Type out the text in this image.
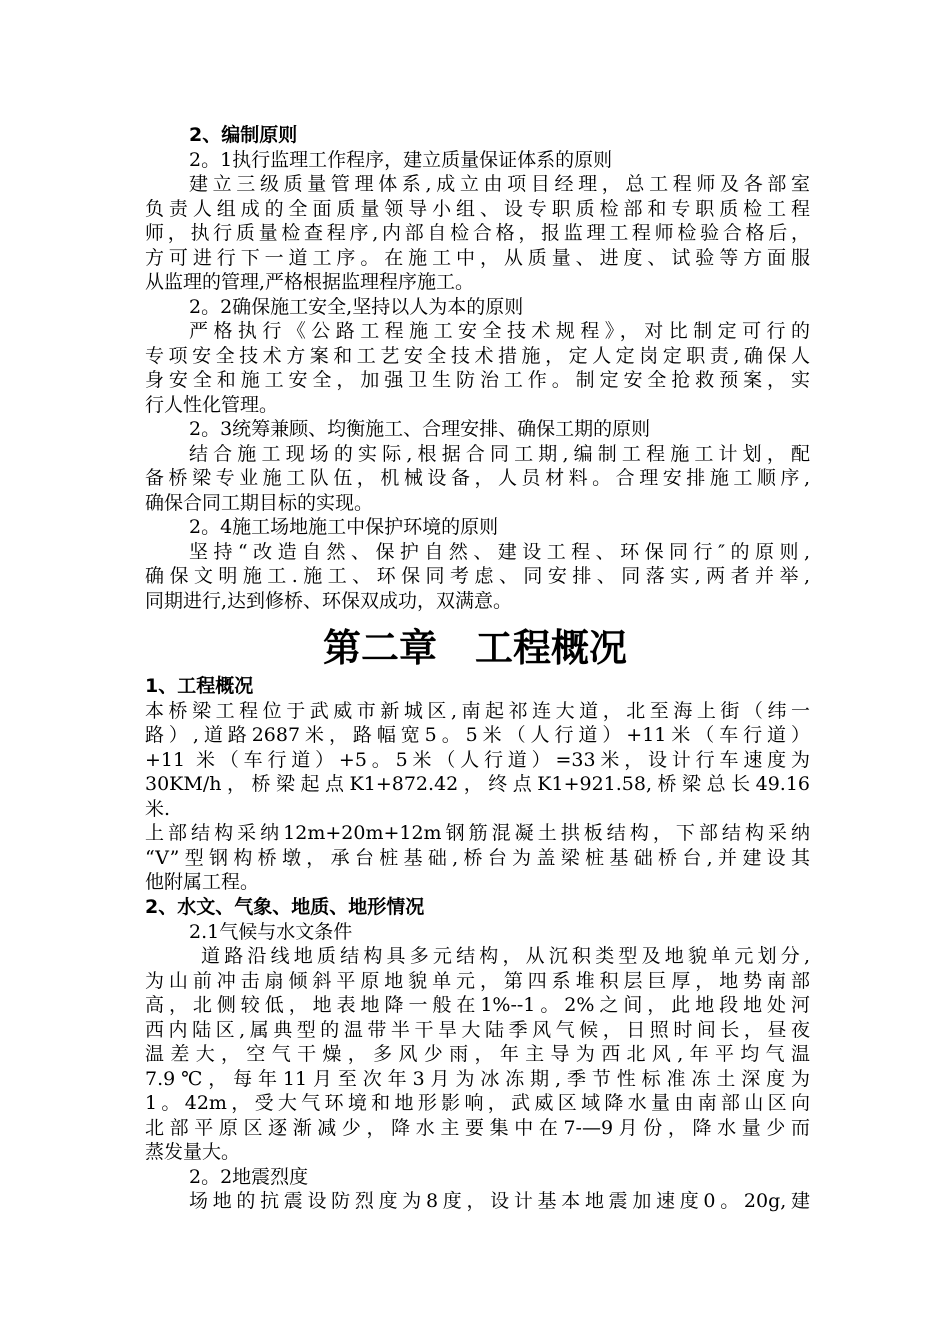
2、编制原则
2。1执行监理工作程序，建立质量保证体系的原则
建立三级质量管理体系,成立由项目经理，总工程师及各部室
负责人组成的全面质量领导小组、设专职质检部和专职质检工程
师，执行质量检查程序,内部自检合格，报监理工程师检验合格后，
方可进行下一道工序。在施工中，从质量、进度、试验等方面服
从监理的管理,严格根据监理程序施工。
2。2确保施工安全,坚持以人为本的原则
严格执行《公路工程施工安全技术规程》，对比制定可行的
专项安全技术方案和工艺安全技术措施，定人定岗定职责,确保人
身安全和施工安全，加强卫生防治工作。制定安全抢救预案，实
行人性化管理。
2。3统筹兼顾、均衡施工、合理安排、确保工期的原则
结合施工现场的实际,根据合同工期,编制工程施工计划，配
备桥梁专业施工队伍，机械设备，人员材料。合理安排施工顺序,
确保合同工期目标的实现。
2。4施工场地施工中保护环境的原则
坚持“改造自然、保护自然、建设工程、环保同行″的原则,
确保文明施工.施工、环保同考虑、同安排、同落实,两者并举,
同期进行,达到修桥、环保双成功，双满意。
第二章　工程概况
1、工程概况
本桥梁工程位于武威市新城区,南起祁连大道，北至海上街（纬一
路）,道路2687米，路幅宽5。5米（人行道）+11米（车行道）
+11 米（车行道）+5。5米（人行道）=33米，设计行车速度为
30KM/h，桥梁起点K1+872.42，终点K1+921.58,桥梁总长49.16
米.
上部结构采纳12m+20m+12m钢筋混凝土拱板结构，下部结构采纳
“V”型钢构桥墩，承台桩基础,桥台为盖梁桩基础桥台,并建设其
他附属工程。
2、水文、气象、地质、地形情况
2.1气候与水文条件
道路沿线地质结构具多元结构，从沉积类型及地貌单元划分,
为山前冲击扇倾斜平原地貌单元，第四系堆积层巨厚，地势南部
高，北侧较低，地表地降一般在1%--1。2%之间，此地段地处河
西内陆区,属典型的温带半干旱大陆季风气候，日照时间长，昼夜
温差大，空气干燥，多风少雨，年主导为西北风,年平均气温
7.9℃，每年11月至次年3月为冰冻期,季节性标准冻土深度为
1。42m，受大气环境和地形影响，武威区域降水量由南部山区向
北部平原区逐渐减少，降水主要集中在7-—9月份，降水量少而
蒸发量大。
2。2地震烈度
场地的抗震设防烈度为8度，设计基本地震加速度0。20g,建
